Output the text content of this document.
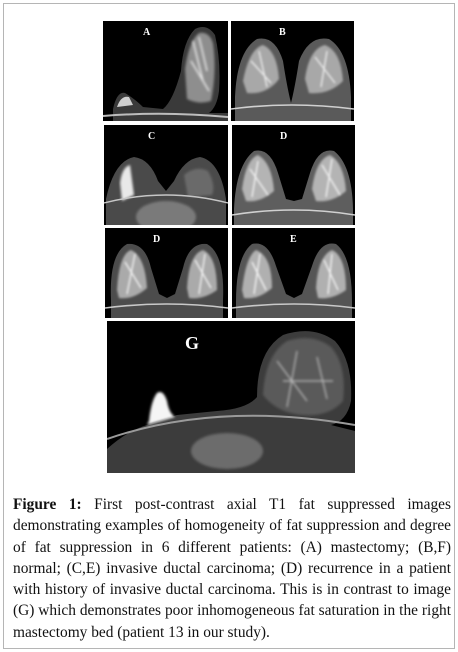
A	B
C	D
D	E
G
Figure 1: First post-contrast axial T1 fat suppressed images demonstrating examples of homogeneity of fat suppression and degree of fat suppression in 6 different patients: (A) mastectomy; (B,F) normal; (C,E) invasive ductal carcinoma; (D) recurrence in a patient with history of invasive ductal carcinoma. This is in contrast to image (G) which demonstrates poor inhomogeneous fat saturation in the right mastectomy bed (patient 13 in our study).
